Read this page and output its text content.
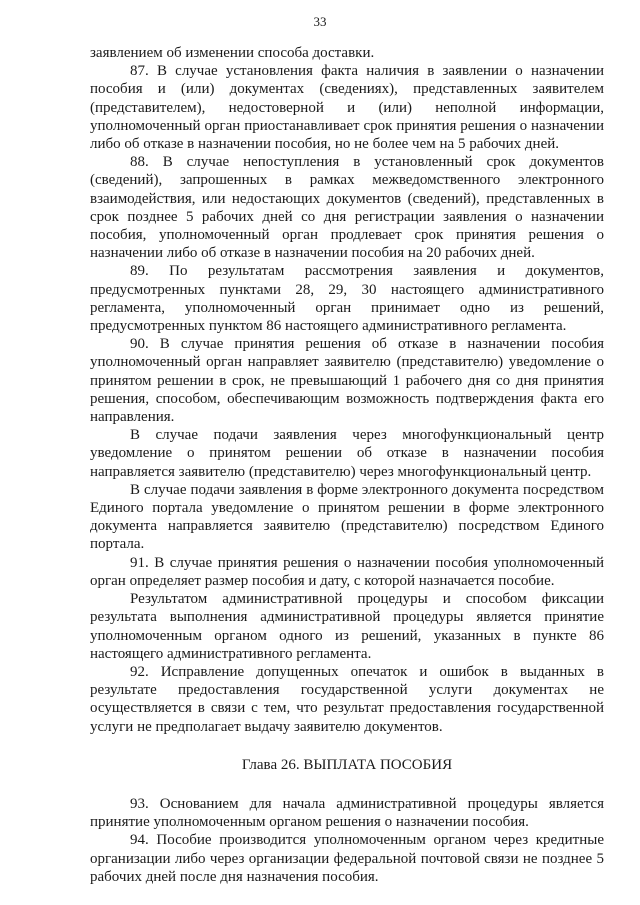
33

заявлением об изменении способа доставки.

87. В случае установления факта наличия в заявлении о назначении пособия и (или) документах (сведениях), представленных заявителем (представителем), недостоверной и (или) неполной информации, уполномоченный орган приостанавливает срок принятия решения о назначении либо об отказе в назначении пособия, но не более чем на 5 рабочих дней.

88. В случае непоступления в установленный срок документов (сведений), запрошенных в рамках межведомственного электронного взаимодействия, или недостающих документов (сведений), представленных в срок позднее 5 рабочих дней со дня регистрации заявления о назначении пособия, уполномоченный орган продлевает срок принятия решения о назначении либо об отказе в назначении пособия на 20 рабочих дней.

89. По результатам рассмотрения заявления и документов, предусмотренных пунктами 28, 29, 30 настоящего административного регламента, уполномоченный орган принимает одно из решений, предусмотренных пунктом 86 настоящего административного регламента.

90. В случае принятия решения об отказе в назначении пособия уполномоченный орган направляет заявителю (представителю) уведомление о принятом решении в срок, не превышающий 1 рабочего дня со дня принятия решения, способом, обеспечивающим возможность подтверждения факта его направления.

В случае подачи заявления через многофункциональный центр уведомление о принятом решении об отказе в назначении пособия направляется заявителю (представителю) через многофункциональный центр.

В случае подачи заявления в форме электронного документа посредством Единого портала уведомление о принятом решении в форме электронного документа направляется заявителю (представителю) посредством Единого портала.

91. В случае принятия решения о назначении пособия уполномоченный орган определяет размер пособия и дату, с которой назначается пособие.

Результатом административной процедуры и способом фиксации результата выполнения административной процедуры является принятие уполномоченным органом одного из решений, указанных в пункте 86 настоящего административного регламента.

92. Исправление допущенных опечаток и ошибок в выданных в результате предоставления государственной услуги документах не осуществляется в связи с тем, что результат предоставления государственной услуги не предполагает выдачу заявителю документов.

Глава 26. ВЫПЛАТА ПОСОБИЯ

93. Основанием для начала административной процедуры является принятие уполномоченным органом решения о назначении пособия.

94. Пособие производится уполномоченным органом через кредитные организации либо через организации федеральной почтовой связи не позднее 5 рабочих дней после дня назначения пособия.
